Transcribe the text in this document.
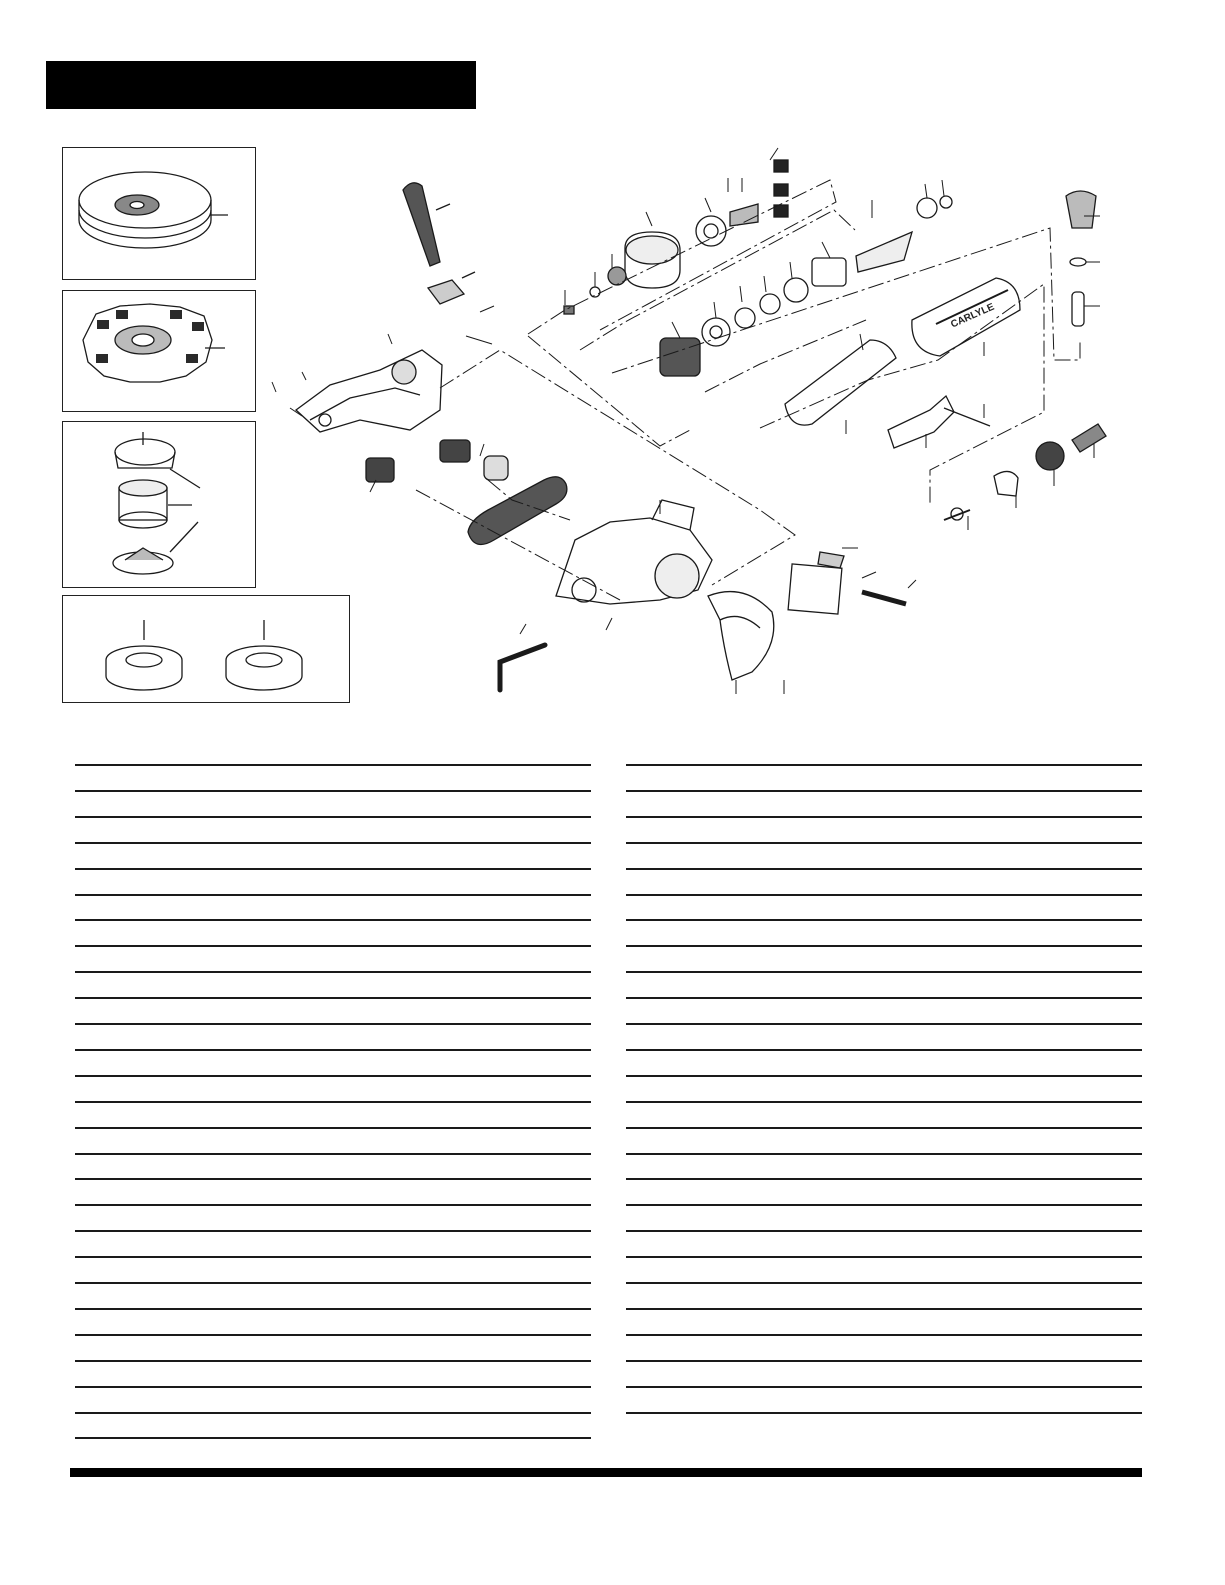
CARLYLE
